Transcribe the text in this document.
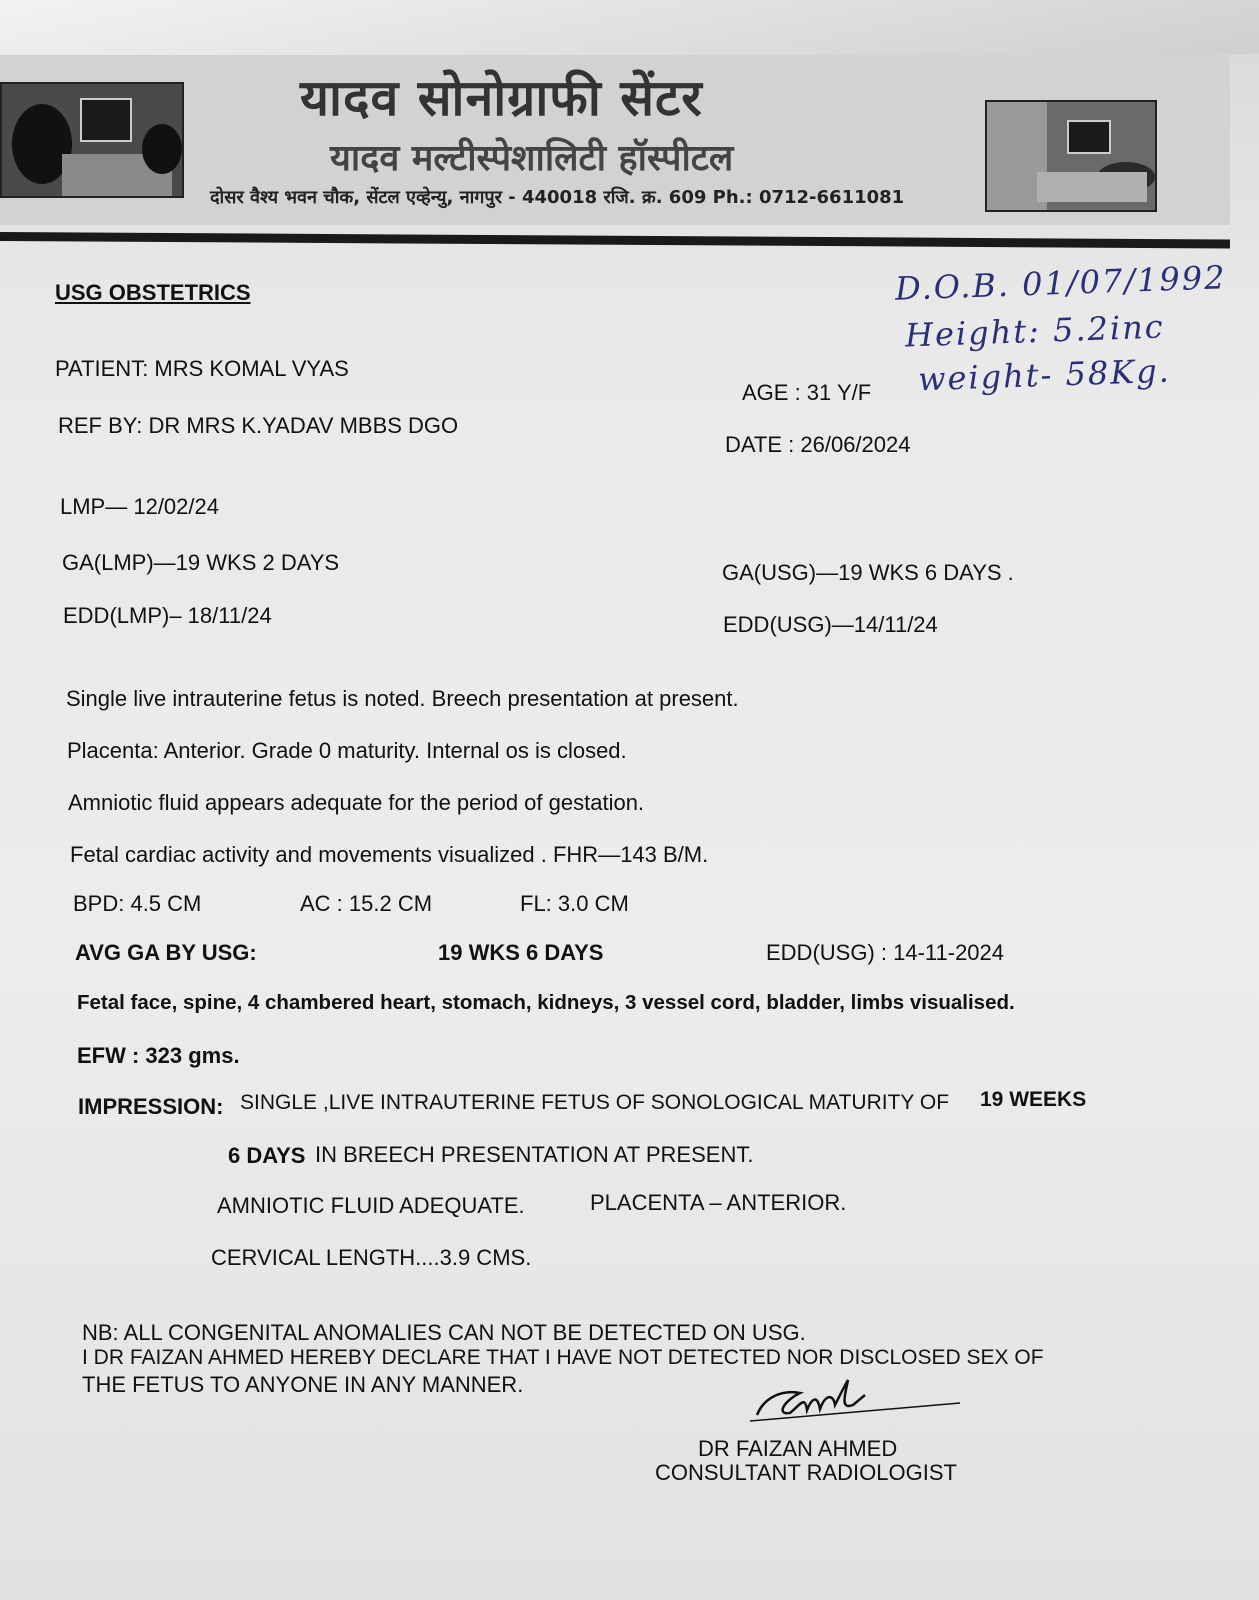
यादव सोनोग्राफी सेंटर
यादव मल्टीस्पेशालिटी हॉस्पीटल
दोसर वैश्य भवन चौक, सेंटल एव्हेन्यु, नागपुर - 440018 रजि. क्र. 609 Ph.: 0712-6611081
D.O.B. 01/07/1992
Height: 5.2inc
weight- 58Kg.
USG OBSTETRICS
PATIENT: MRS KOMAL VYAS
AGE : 31 Y/F
REF BY: DR MRS K.YADAV MBBS DGO
DATE : 26/06/2024
LMP— 12/02/24
GA(LMP)—19 WKS 2 DAYS	GA(USG)—19 WKS 6 DAYS .
EDD(LMP)– 18/11/24	EDD(USG)—14/11/24
Single live intrauterine fetus is noted. Breech presentation at present.
Placenta: Anterior. Grade 0 maturity. Internal os is closed.
Amniotic fluid appears adequate for the period of gestation.
Fetal cardiac activity and movements visualized . FHR—143 B/M.
BPD: 4.5 CM	AC : 15.2 CM	FL: 3.0 CM
AVG GA BY USG:	19 WKS 6 DAYS	EDD(USG) : 14-11-2024
Fetal face, spine, 4 chambered heart, stomach, kidneys, 3 vessel cord, bladder, limbs visualised.
EFW : 323 gms.
IMPRESSION: SINGLE ,LIVE INTRAUTERINE FETUS OF SONOLOGICAL MATURITY OF 19 WEEKS
6 DAYS IN BREECH PRESENTATION AT PRESENT.
AMNIOTIC FLUID ADEQUATE.	PLACENTA – ANTERIOR.
CERVICAL LENGTH....3.9 CMS.
NB: ALL CONGENITAL ANOMALIES CAN NOT BE DETECTED ON USG.
I DR FAIZAN AHMED HEREBY DECLARE THAT I HAVE NOT DETECTED NOR DISCLOSED SEX OF
THE FETUS TO ANYONE IN ANY MANNER.
DR FAIZAN AHMED
CONSULTANT RADIOLOGIST
